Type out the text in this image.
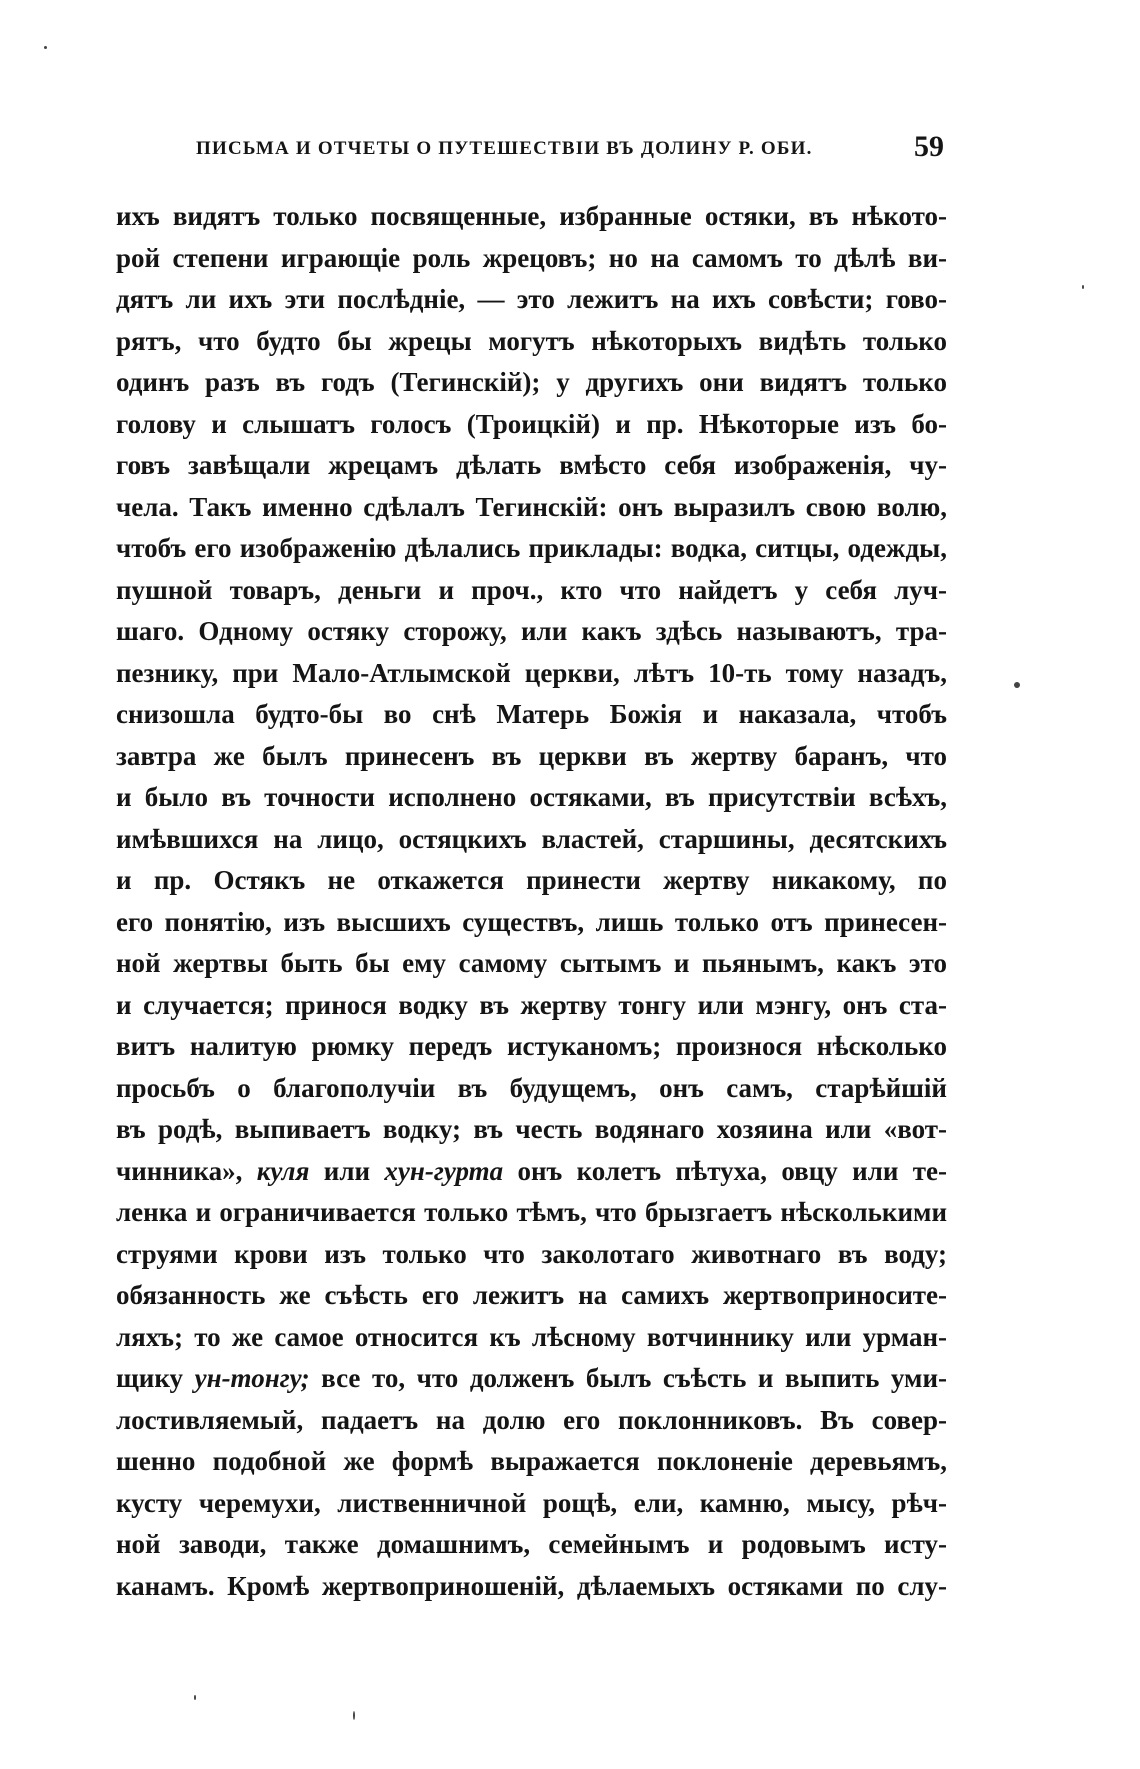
ПИСЬМА И ОТЧЕТЫ О ПУТЕШЕСТВІИ ВЪ ДОЛИНУ Р. ОБИ.	59
ихъ видятъ только посвященные, избранные остяки, въ нѣкото-
рой степени играющіе роль жрецовъ; но на самомъ то дѣлѣ ви-
дятъ ли ихъ эти послѣдніе, — это лежитъ на ихъ совѣсти; гово-
рятъ, что будто бы жрецы могутъ нѣкоторыхъ видѣть только
одинъ разъ въ годъ (Тегинскій); у другихъ они видятъ только
голову и слышатъ голосъ (Троицкій) и пр. Нѣкоторые изъ бо-
говъ завѣщали жрецамъ дѣлать вмѣсто себя изображенія, чу-
чела. Такъ именно сдѣлалъ Тегинскій: онъ выразилъ свою волю,
чтобъ его изображенію дѣлались приклады: водка, ситцы, одежды,
пушной товаръ, деньги и проч., кто что найдетъ у себя луч-
шаго. Одному остяку сторожу, или какъ здѣсь называютъ, тра-
пезнику, при Мало-Атлымской церкви, лѣтъ 10-ть тому назадъ,
снизошла будто-бы во снѣ Матерь Божія и наказала, чтобъ
завтра же былъ принесенъ въ церкви въ жертву баранъ, что
и было въ точности исполнено остяками, въ присутствіи всѣхъ,
имѣвшихся на лицо, остяцкихъ властей, старшины, десятскихъ
и пр. Остякъ не откажется принести жертву никакому, по
его понятію, изъ высшихъ существъ, лишь только отъ принесен-
ной жертвы быть бы ему самому сытымъ и пьянымъ, какъ это
и случается; принося водку въ жертву тонгу или мэнгу, онъ ста-
витъ налитую рюмку передъ истуканомъ; произнося нѣсколько
просьбъ о благополучіи въ будущемъ, онъ самъ, старѣйшій
въ родѣ, выпиваетъ водку; въ честь водянаго хозяина или «вот-
чинника», куля или хун-гурта онъ колетъ пѣтуха, овцу или те-
ленка и ограничивается только тѣмъ, что брызгаетъ нѣсколькими
струями крови изъ только что заколотаго животнаго въ воду;
обязанность же съѣсть его лежитъ на самихъ жертвоприносите-
ляхъ; то же самое относится къ лѣсному вотчиннику или урман-
щику ун-тонгу; все то, что долженъ былъ съѣсть и выпить уми-
лостивляемый, падаетъ на долю его поклонниковъ. Въ совер-
шенно подобной же формѣ выражается поклоненіе деревьямъ,
кусту черемухи, лиственничной рощѣ, ели, камню, мысу, рѣч-
ной заводи, также домашнимъ, семейнымъ и родовымъ исту-
канамъ. Кромѣ жертвоприношеній, дѣлаемыхъ остяками по слу-
